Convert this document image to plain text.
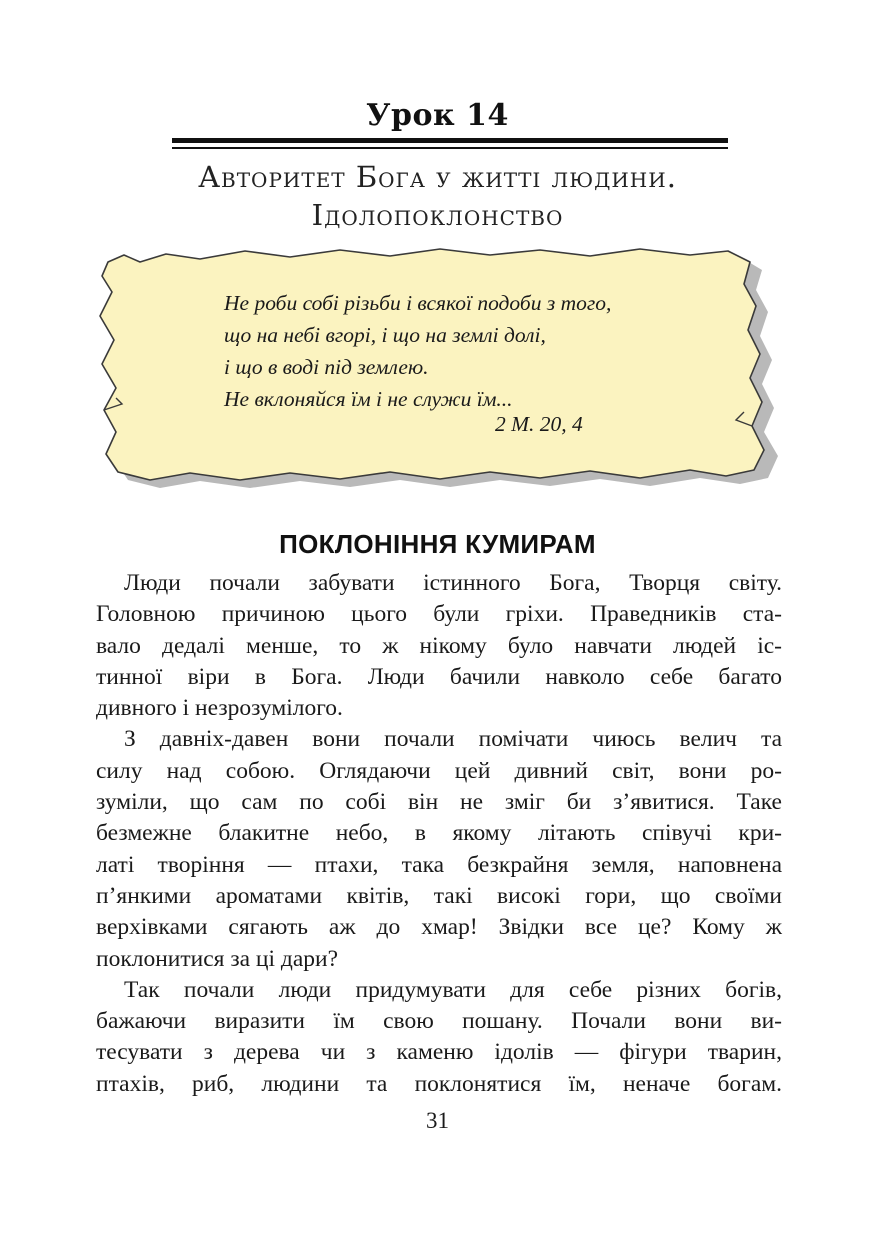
Урок 14
Авторитет Бога у житті людини.
Ідолопоклонство
Не роби собі різьби і всякої подоби з того,
що на небі вгорі, і що на землі долі,
і що в воді під землею.
Не вклоняйся їм і не служи їм...
2 М. 20, 4
ПОКЛОНІННЯ КУМИРАМ
Люди почали забувати істинного Бога, Творця світу.
Головною причиною цього були гріхи. Праведників ста-
вало дедалі менше, то ж нікому було навчати людей іс-
тинної віри в Бога. Люди бачили навколо себе багато
дивного і незрозумілого.
З давніх-давен вони почали помічати чиюсь велич та
силу над собою. Оглядаючи цей дивний світ, вони ро-
зуміли, що сам по собі він не зміг би з’явитися. Таке
безмежне блакитне небо, в якому літають співучі кри-
латі творіння — птахи, така безкрайня земля, наповнена
п’янкими ароматами квітів, такі високі гори, що своїми
верхівками сягають аж до хмар! Звідки все це? Кому ж
поклонитися за ці дари?
Так почали люди придумувати для себе різних богів,
бажаючи виразити їм свою пошану. Почали вони ви-
тесувати з дерева чи з каменю ідолів — фігури тварин,
птахів, риб, людини та поклонятися їм, неначе богам.
31
